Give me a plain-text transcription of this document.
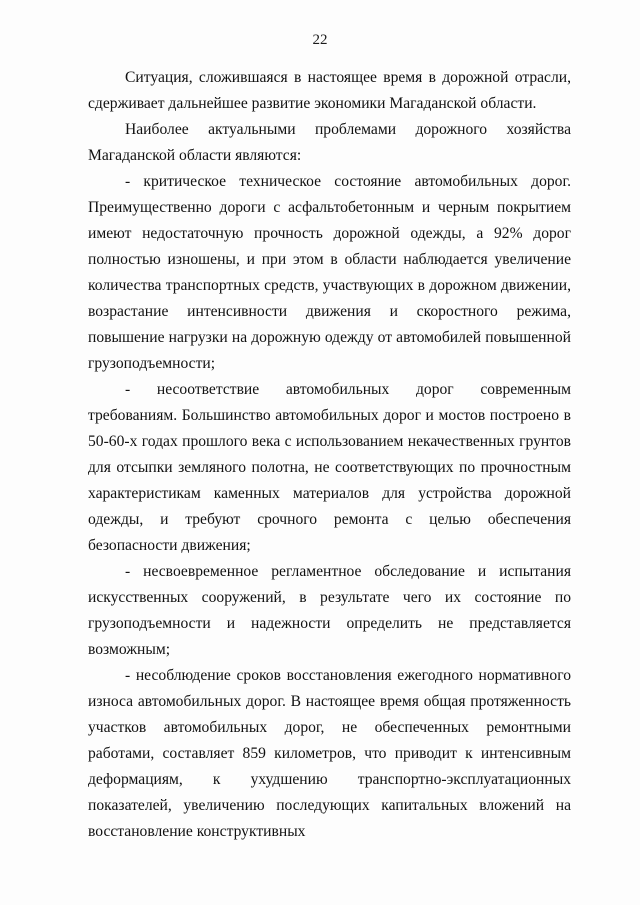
22

Ситуация, сложившаяся в настоящее время в дорожной отрасли, сдерживает дальнейшее развитие экономики Магаданской области.

Наиболее актуальными проблемами дорожного хозяйства Магаданской области являются:

- критическое техническое состояние автомобильных дорог. Преимущественно дороги с асфальтобетонным и черным покрытием имеют недостаточную прочность дорожной одежды, а 92% дорог полностью изношены, и при этом в области наблюдается увеличение количества транспортных средств, участвующих в дорожном движении, возрастание интенсивности движения и скоростного режима, повышение нагрузки на дорожную одежду от автомобилей повышенной грузоподъемности;

- несоответствие автомобильных дорог современным требованиям. Большинство автомобильных дорог и мостов построено в 50-60-х годах прошлого века с использованием некачественных грунтов для отсыпки земляного полотна, не соответствующих по прочностным характеристикам каменных материалов для устройства дорожной одежды, и требуют срочного ремонта с целью обеспечения безопасности движения;

- несвоевременное регламентное обследование и испытания искусственных сооружений, в результате чего их состояние по грузоподъемности и надежности определить не представляется возможным;

- несоблюдение сроков восстановления ежегодного нормативного износа автомобильных дорог. В настоящее время общая протяженность участков автомобильных дорог, не обеспеченных ремонтными работами, составляет 859 километров, что приводит к интенсивным деформациям, к ухудшению транспортно-эксплуатационных показателей, увеличению последующих капитальных вложений на восстановление конструктивных
